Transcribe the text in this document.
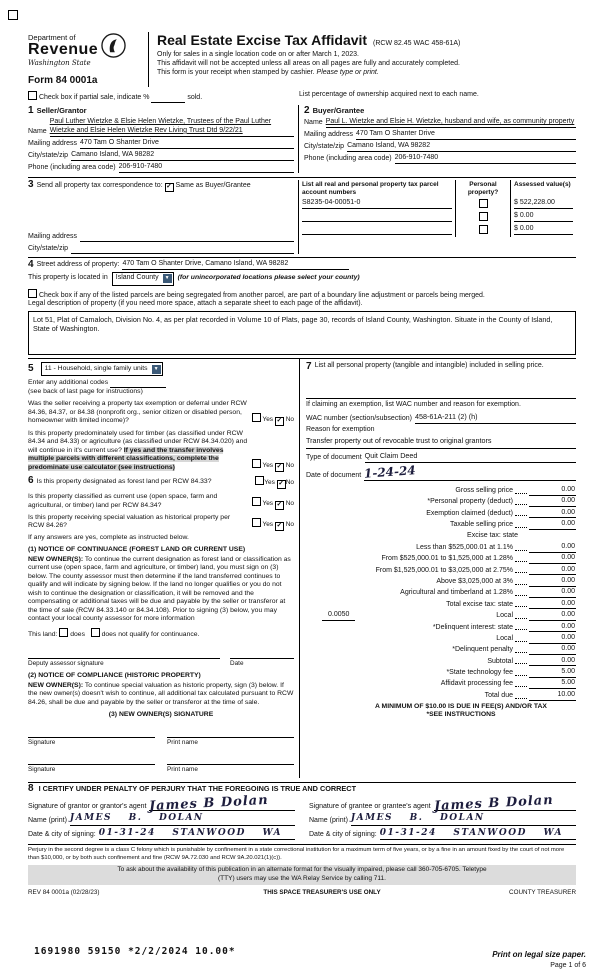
Department of
Revenue
Washington State
Form 84 0001a
Real Estate Excise Tax Affidavit (RCW 82.45 WAC 458-61A)
Only for sales in a single location code on or after March 1, 2023.
This affidavit will not be accepted unless all areas on all pages are fully and accurately completed.
This form is your receipt when stamped by cashier. Please type or print.
Check box if partial sale, indicate %	sold.	List percentage of ownership acquired next to each name.
1 Seller/Grantor
Name
Paul Luther Wietzke & Elsie Helen Wietzke, Trustees of the Paul Luther Wietzke and Elsie Helen Wietzke Rev Living Trust Dtd 9/22/21
Mailing address 470 Tam O Shanter Drive
City/state/zip Camano Island, WA 98282
Phone (including area code) 206-910-7480
2 Buyer/Grantee
Name Paul L. Wietzke and Elsie H. Wietzke, husband and wife, as community property
Mailing address 470 Tam O Shanter Drive
City/state/zip Camano Island, WA 98282
Phone (including area code) 206-910-7480
3 Send all property tax correspondence to: ✓ Same as Buyer/Grantee
Mailing address
City/state/zip
List all real and personal property tax parcel account numbers
Personal property?
Assessed value(s)
S8235-04-00051-0	$ 522,228.00
$ 0.00
$ 0.00
4 Street address of property: 470 Tam O Shanter Drive, Camano Island, WA 98282
This property is located in Island County	▼ (for unincorporated locations please select your county)
Check box if any of the listed parcels are being segregated from another parcel, are part of a boundary line adjustment or parcels being merged.
Legal description of property (if you need more space, attach a separate sheet to each page of the affidavit).
Lot 51, Plat of Camaloch, Division No. 4, as per plat recorded in Volume 10 of Plats, page 30, records of Island County, Washington. Situate in the County of Island, State of Washington.
5 11 - Household, single family units	▼
Enter any additional codes
(see back of last page for instructions)
Was the seller receiving a property tax exemption or deferral under RCW 84.36, 84.37, or 84.38 (nonprofit org., senior citizen or disabled person, homeowner with limited income)?	Yes ✓ No
Is this property predominately used for timber (as classified under RCW 84.34 and 84.33) or agriculture (as classified under RCW 84.34.020) and will continue in it's current use? If yes and the transfer involves multiple parcels with different classifications, complete the predominate use calculator (see instructions)	Yes ✓ No
6 Is this property designated as forest land per RCW 84.33?	Yes ✓ No
Is this property classified as current use (open space, farm and agricultural, or timber) land per RCW 84.34?	Yes ✓ No
Is this property receiving special valuation as historical property per RCW 84.26?	Yes ✓ No
If any answers are yes, complete as instructed below.
(1) NOTICE OF CONTINUANCE (FOREST LAND OR CURRENT USE)
NEW OWNER(S): To continue the current designation as forest land or classification as current use (open space, farm and agriculture, or timber) land, you must sign on (3) below. The county assessor must then determine if the land transferred continues to qualify and will indicate by signing below. If the land no longer qualifies or you do not wish to continue the designation or classification, it will be removed and the compensating or additional taxes will be due and payable by the seller or transferor at the time of sale (RCW 84.33.140 or 84.34.108). Prior to signing (3) below, you may contact your local county assessor for more information
This land: does does not qualify for continuance.
Deputy assessor signature	Date
(2) NOTICE OF COMPLIANCE (HISTORIC PROPERTY)
NEW OWNER(S): To continue special valuation as historic property, sign (3) below. If the new owner(s) doesn't wish to continue, all additional tax calculated pursuant to RCW 84.26, shall be due and payable by the seller or transferor at the time of sale.
(3) NEW OWNER(S) SIGNATURE
Signature	Print name
Signature	Print name
7 List all personal property (tangible and intangible) included in selling price.
If claiming an exemption, list WAC number and reason for exemption.
WAC number (section/subsection) 458-61A-211 (2) (h)
Reason for exemption
Transfer property out of revocable trust to original grantors
Type of document Quit Claim Deed
Date of document 1-24-24
Gross selling price	0.00
*Personal property (deduct)	0.00
Exemption claimed (deduct)	0.00
Taxable selling price	0.00
Excise tax: state
Less than $525,000.01 at 1.1%	0.00
From $525,000.01 to $1,525,000 at 1.28%	0.00
From $1,525,000.01 to $3,025,000 at 2.75%	0.00
Above $3,025,000 at 3%	0.00
Agricultural and timberland at 1.28%	0.00
Total excise tax: state	0.00
0.0050	Local	0.00
*Delinquent interest: state	0.00
Local	0.00
*Delinquent penalty	0.00
Subtotal	0.00
*State technology fee	5.00
Affidavit processing fee	5.00
Total due	10.00
A MINIMUM OF $10.00 IS DUE IN FEE(S) AND/OR TAX
*SEE INSTRUCTIONS
8 I CERTIFY UNDER PENALTY OF PERJURY THAT THE FOREGOING IS TRUE AND CORRECT
Signature of grantor or grantor's agent James B Dolan
Name (print) JAMES B. DOLAN
Date & city of signing: 01-31-24 STANWOOD WA
Signature of grantee or grantee's agent James B Dolan
Name (print) JAMES B. DOLAN
Date & city of signing: 01-31-24 STANWOOD WA
Perjury in the second degree is a class C felony which is punishable by confinement in a state correctional institution for a maximum term of five years, or by a fine in an amount fixed by the court of not more than $10,000, or by both such confinement and fine (RCW 9A.72.030 and RCW 9A.20.021(1)(c)).
To ask about the availability of this publication in an alternate format for the visually impaired, please call 360-705-6705. Teletype
(TTY) users may use the WA Relay Service by calling 711.
REV 84 0001a (02/28/23)	THIS SPACE TREASURER'S USE ONLY	COUNTY TREASURER
1691980 59150 *2/2/2024 10.00*	Print on legal size paper.
Page 1 of 6
